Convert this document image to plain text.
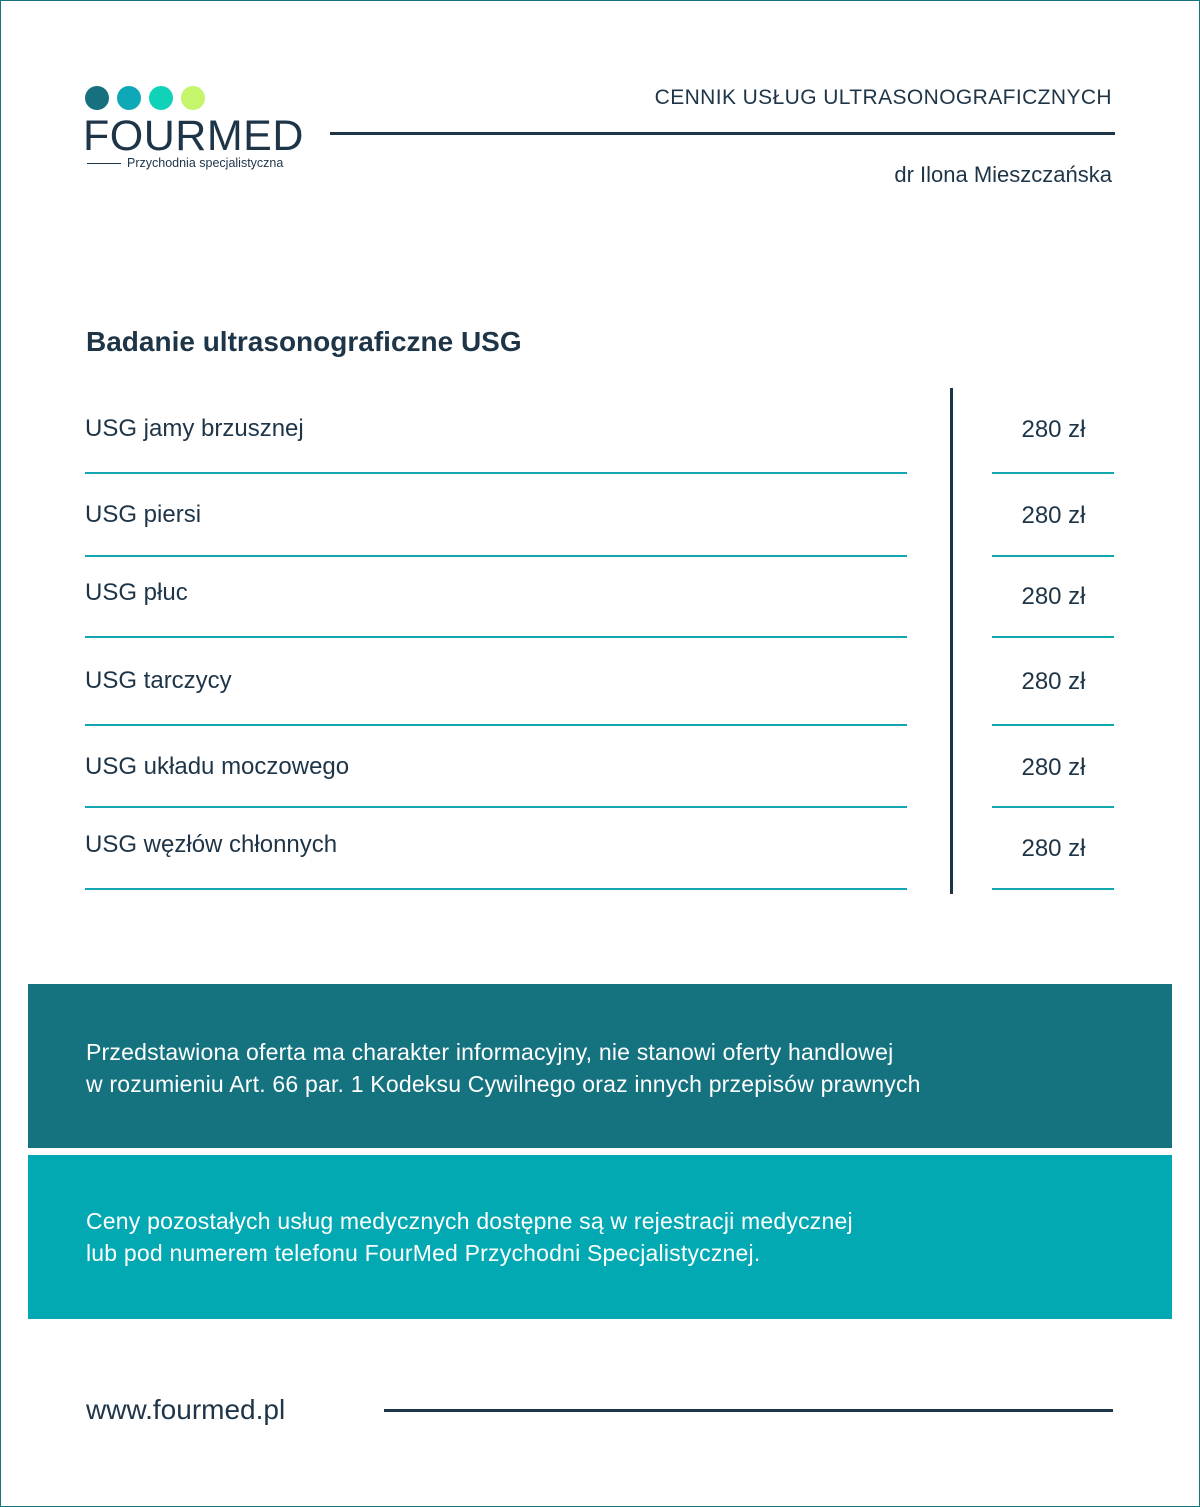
FOURMED
Przychodnia specjalistyczna
CENNIK USŁUG ULTRASONOGRAFICZNYCH
dr Ilona Mieszczańska
Badanie ultrasonograficzne USG
USG jamy brzusznej	280 zł
USG piersi	280 zł
USG płuc	280 zł
USG tarczycy	280 zł
USG układu moczowego	280 zł
USG węzłów chłonnych	280 zł

Przedstawiona oferta ma charakter informacyjny, nie stanowi oferty handlowej
w rozumieniu Art. 66 par. 1 Kodeksu Cywilnego oraz innych przepisów prawnych

Ceny pozostałych usług medycznych dostępne są w rejestracji medycznej
lub pod numerem telefonu FourMed Przychodni Specjalistycznej.

www.fourmed.pl
